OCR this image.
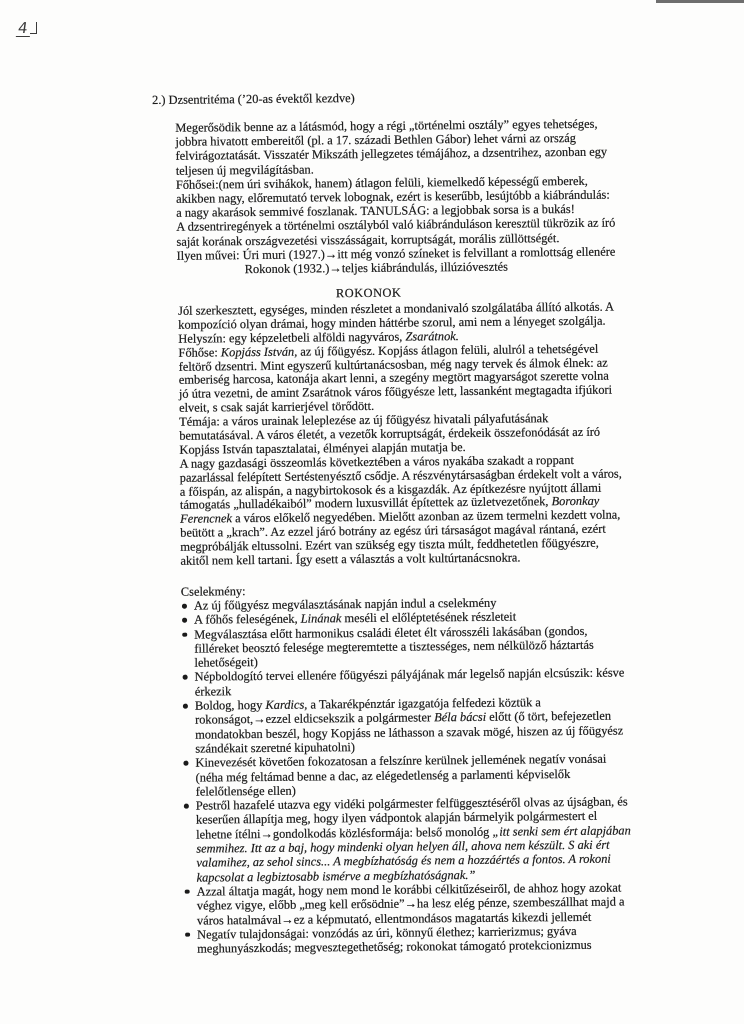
4
2.) Dzsentritéma (’20-as évektől kezdve)
Megerősödik benne az a látásmód, hogy a régi „történelmi osztály” egyes tehetséges,
jobbra hivatott embereitől (pl. a 17. századi Bethlen Gábor) lehet várni az ország
felvirágoztatását. Visszatér Mikszáth jellegzetes témájához, a dzsentrihez, azonban egy
teljesen új megvilágításban.
Főhősei:(nem úri svihákok, hanem) átlagon felüli, kiemelkedő képességű emberek,
akikben nagy, előremutató tervek lobognak, ezért is keserűbb, lesújtóbb a kiábrándulás:
a nagy akarások semmivé foszlanak. TANULSÁG: a legjobbak sorsa is a bukás!
A dzsentriregények a történelmi osztályból való kiábránduláson keresztül tükrözik az író
saját korának országvezetési visszásságait, korruptságát, morális züllöttségét.
Ilyen művei: Úri muri (1927.)→itt még vonzó színeket is felvillant a romlottság ellenére
Rokonok (1932.)→teljes kiábrándulás, illúzióvesztés
ROKONOK
Jól szerkesztett, egységes, minden részletet a mondanivaló szolgálatába állító alkotás. A
kompozíció olyan drámai, hogy minden háttérbe szorul, ami nem a lényeget szolgálja.
Helyszín: egy képzeletbeli alföldi nagyváros, Zsarátnok.
Főhőse: Kopjáss István, az új főügyész. Kopjáss átlagon felüli, alulról a tehetségével
feltörő dzsentri. Mint egyszerű kultúrtanácsosban, még nagy tervek és álmok élnek: az
emberiség harcosa, katonája akart lenni, a szegény megtört magyarságot szerette volna
jó útra vezetni, de amint Zsarátnok város főügyésze lett, lassanként megtagadta ifjúkori
elveit, s csak saját karrierjével törődött.
Témája: a város urainak leleplezése az új főügyész hivatali pályafutásának
bemutatásával. A város életét, a vezetők korruptságát, érdekeik összefonódását az író
Kopjáss István tapasztalatai, élményei alapján mutatja be.
A nagy gazdasági összeomlás következtében a város nyakába szakadt a roppant
pazarlással felépített Sertéstenyésztő csődje. A részvénytársaságban érdekelt volt a város,
a főispán, az alispán, a nagybirtokosok és a kisgazdák. Az építkezésre nyújtott állami
támogatás „hulladékaiból” modern luxusvillát építettek az üzletvezetőnek, Boronkay
Ferencnek a város előkelő negyedében. Mielőtt azonban az üzem termelni kezdett volna,
beütött a „krach”. Az ezzel járó botrány az egész úri társaságot magával rántaná, ezért
megpróbálják eltussolni. Ezért van szükség egy tiszta múlt, feddhetetlen főügyészre,
akitől nem kell tartani. Így esett a választás a volt kultúrtanácsnokra.
Cselekmény:
Az új főügyész megválasztásának napján indul a cselekmény
A főhős feleségének, Linának meséli el előléptetésének részleteit
Megválasztása előtt harmonikus családi életet élt városszéli lakásában (gondos,
filléreket beosztó felesége megteremtette a tisztességes, nem nélkülöző háztartás
lehetőségeit)
Népboldogító tervei ellenére főügyészi pályájának már legelső napján elcsúszik: késve
érkezik
Boldog, hogy Kardics, a Takarékpénztár igazgatója felfedezi köztük a
rokonságot,→ezzel eldicsekszik a polgármester Béla bácsi előtt (ő tört, befejezetlen
mondatokban beszél, hogy Kopjáss ne láthasson a szavak mögé, hiszen az új főügyész
szándékait szeretné kipuhatolni)
Kinevezését követően fokozatosan a felszínre kerülnek jellemének negatív vonásai
(néha még feltámad benne a dac, az elégedetlenség a parlamenti képviselők
felelőtlensége ellen)
Pestről hazafelé utazva egy vidéki polgármester felfüggesztéséről olvas az újságban, és
keserűen állapítja meg, hogy ilyen vádpontok alapján bármelyik polgármestert el
lehetne ítélni→gondolkodás közlésformája: belső monológ „itt senki sem ért alapjában
semmihez. Itt az a baj, hogy mindenki olyan helyen áll, ahova nem készült. S aki ért
valamihez, az sehol sincs... A megbízhatóság és nem a hozzáértés a fontos. A rokoni
kapcsolat a legbiztosabb ismérve a megbízhatóságnak.”
Azzal áltatja magát, hogy nem mond le korábbi célkitűzéseiről, de ahhoz hogy azokat
véghez vigye, előbb „meg kell erősödnie”→ha lesz elég pénze, szembeszállhat majd a
város hatalmával→ez a képmutató, ellentmondásos magatartás kikezdi jellemét
Negatív tulajdonságai: vonzódás az úri, könnyű élethez; karrierizmus; gyáva
meghunyászkodás; megvesztegethetőség; rokonokat támogató protekcionizmus
